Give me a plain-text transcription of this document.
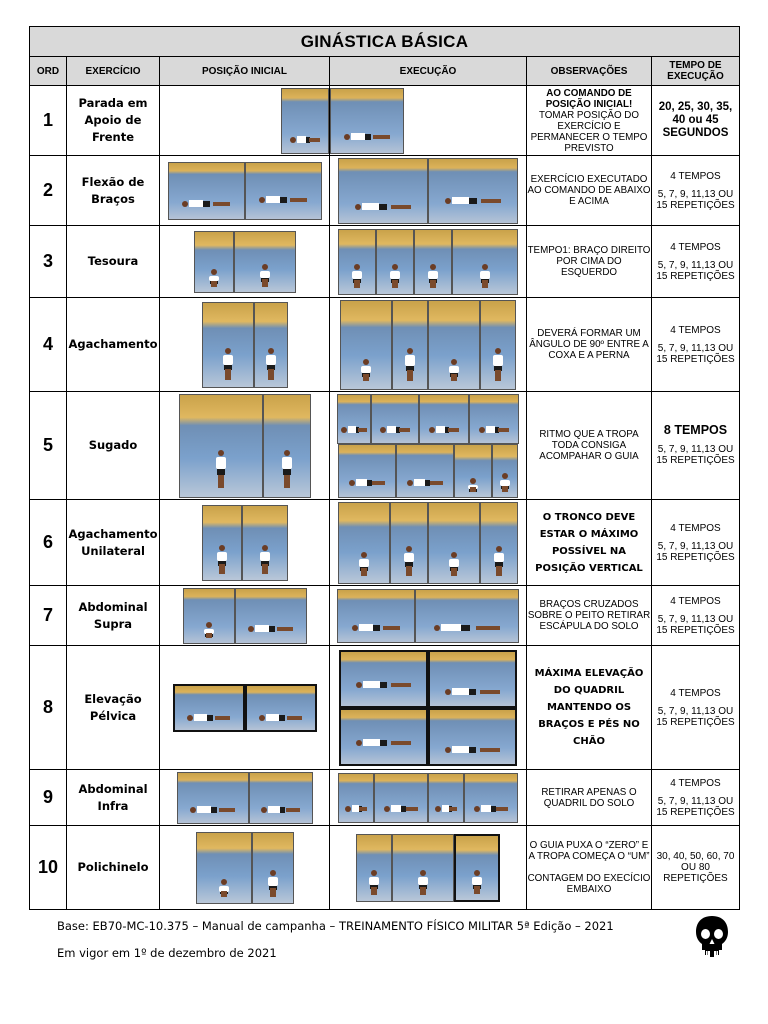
GINÁSTICA BÁSICA					
ORD	EXERCÍCIO	POSIÇÃO INICIAL	EXECUÇÃO	OBSERVAÇÕES	TEMPO DE EXECUÇÃO
1	Parada em Apoio de Frente			AO COMANDO DE POSIÇÃO INICIAL!
TOMAR POSIÇÃO DO EXERCÍCIO E PERMANECER O TEMPO PREVISTO	20, 25, 30, 35, 40 ou 45 SEGUNDOS
2	Flexão de Braços			EXERCÍCIO EXECUTADO AO COMANDO DE ABAIXO E ACIMA	4 TEMPOS
5, 7, 9, 11,13 OU 15 REPETIÇÕES
3	Tesoura			TEMPO1: BRAÇO DIREITO POR CIMA DO ESQUERDO	4 TEMPOS
5, 7, 9, 11,13 OU 15 REPETIÇÕES
4	Agachamento			DEVERÁ FORMAR UM ÂNGULO DE 90º ENTRE A COXA E A PERNA	4 TEMPOS
5, 7, 9, 11,13 OU 15 REPETIÇÕES
5	Sugado			RITMO QUE A TROPA TODA CONSIGA ACOMPAHAR O GUIA	8 TEMPOS
5, 7, 9, 11,13 OU 15 REPETIÇÕES
6	Agachamento Unilateral			O TRONCO DEVE ESTAR O MÁXIMO POSSÍVEL NA POSIÇÃO VERTICAL	4 TEMPOS
5, 7, 9, 11,13 OU 15 REPETIÇÕES
7	Abdominal Supra			BRAÇOS CRUZADOS SOBRE O PEITO RETIRAR ESCÁPULA DO SOLO	4 TEMPOS
5, 7, 9, 11,13 OU 15 REPETIÇÕES
8	Elevação Pélvica			MÁXIMA ELEVAÇÃO DO QUADRIL MANTENDO OS BRAÇOS E PÉS NO CHÃO	4 TEMPOS
5, 7, 9, 11,13 OU 15 REPETIÇÕES
9	Abdominal Infra			RETIRAR APENAS O QUADRIL DO SOLO	4 TEMPOS
5, 7, 9, 11,13 OU 15 REPETIÇÕES
10	Polichinelo			O GUIA PUXA O “ZERO” E A TROPA COMEÇA O “UM”

CONTAGEM DO EXECÍCIO EMBAIXO	30, 40, 50, 60, 70 OU 80 REPETIÇÕES
Base: EB70-MC-10.375 – Manual de campanha – TREINAMENTO FÍSICO MILITAR 5ª Edição – 2021
Em vigor em 1º de dezembro de 2021
